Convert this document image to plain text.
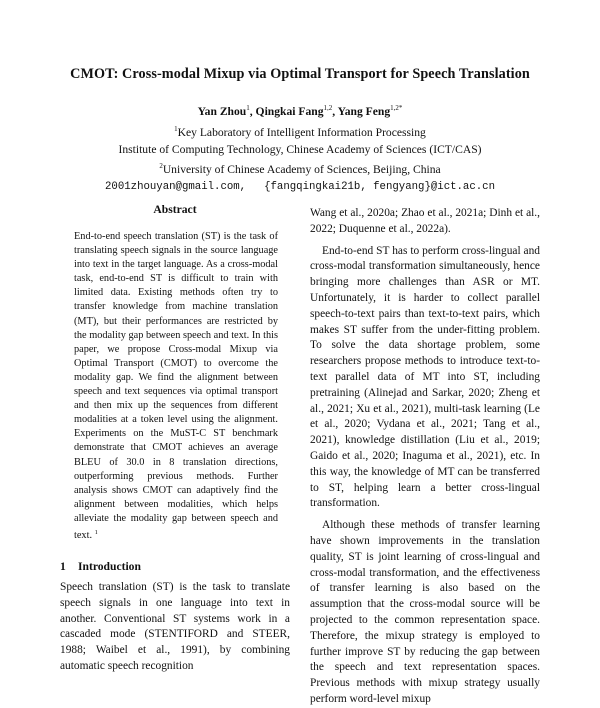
CMOT: Cross-modal Mixup via Optimal Transport for Speech Translation
Yan Zhou$^1$, Qingkai Fang$^{1,2}$, Yang Feng$^{1,2*}$
$^1$Key Laboratory of Intelligent Information Processing
Institute of Computing Technology, Chinese Academy of Sciences (ICT/CAS)
$^2$University of Chinese Academy of Sciences, Beijing, China
2001zhouyan@gmail.com, {fangqingkai21b, fengyang}@ict.ac.cn
Abstract
End-to-end speech translation (ST) is the task of translating speech signals in the source language into text in the target language. As a cross-modal task, end-to-end ST is difficult to train with limited data. Existing methods often try to transfer knowledge from machine translation (MT), but their performances are restricted by the modality gap between speech and text. In this paper, we propose Cross-modal Mixup via Optimal Transport (CMOT) to overcome the modality gap. We find the alignment between speech and text sequences via optimal transport and then mix up the sequences from different modalities at a token level using the alignment. Experiments on the MuST-C ST benchmark demonstrate that CMOT achieves an average BLEU of 30.0 in 8 translation directions, outperforming previous methods. Further analysis shows CMOT can adaptively find the alignment between modalities, which helps alleviate the modality gap between speech and text. $^1$
1 Introduction
Speech translation (ST) is the task to translate speech signals in one language into text in another. Conventional ST systems work in a cascaded mode (STENTIFORD and STEER, 1988; Waibel et al., 1991), by combining automatic speech recognition

Wang et al., 2020a; Zhao et al., 2021a; Dinh et al., 2022; Duquenne et al., 2022a).

End-to-end ST has to perform cross-lingual and cross-modal transformation simultaneously, hence bringing more challenges than ASR or MT. Unfortunately, it is harder to collect parallel speech-to-text pairs than text-to-text pairs, which makes ST suffer from the under-fitting problem. To solve the data shortage problem, some researchers propose methods to introduce text-to-text parallel data of MT into ST, including pretraining (Alinejad and Sarkar, 2020; Zheng et al., 2021; Xu et al., 2021), multi-task learning (Le et al., 2020; Vydana et al., 2021; Tang et al., 2021), knowledge distillation (Liu et al., 2019; Gaido et al., 2020; Inaguma et al., 2021), etc. In this way, the knowledge of MT can be transferred to ST, helping learn a better cross-lingual transformation.

Although these methods of transfer learning have shown improvements in the translation quality, ST is joint learning of cross-lingual and cross-modal transformation, and the effectiveness of transfer learning is also based on the assumption that the cross-modal source will be projected to the common representation space. Therefore, the mixup strategy is employed to further improve ST by reducing the gap between the speech and text representation spaces. Previous methods with mixup strategy usually perform word-level mixup
